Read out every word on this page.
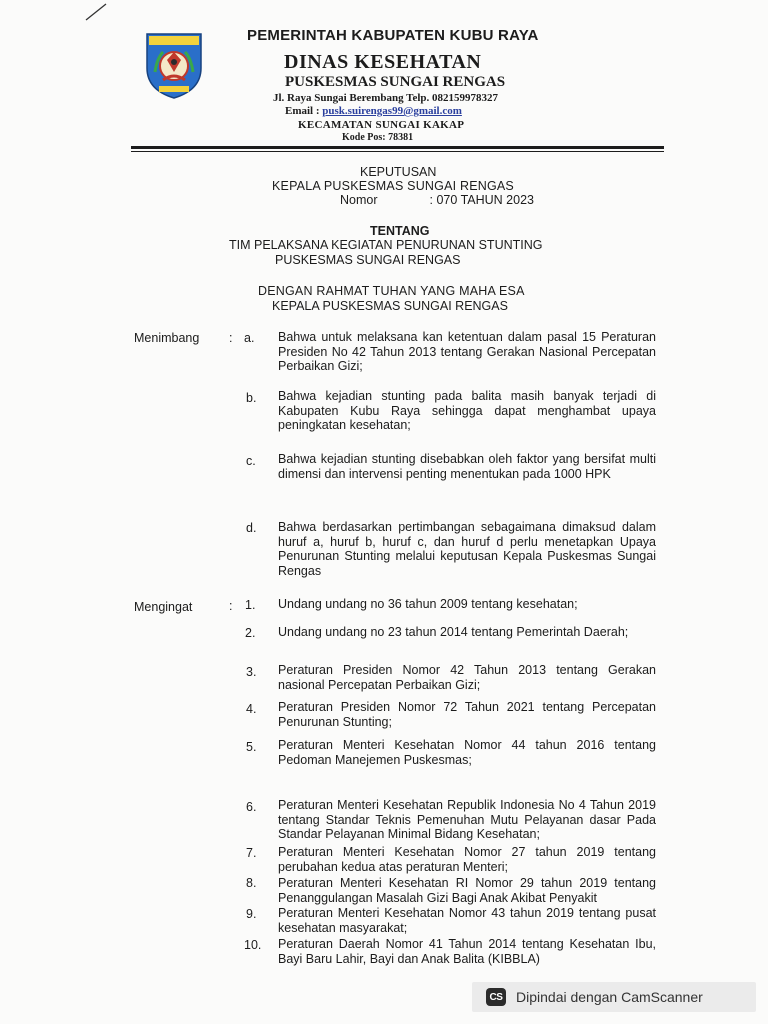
PEMERINTAH KABUPATEN KUBU RAYA
DINAS KESEHATAN
PUSKESMAS SUNGAI RENGAS
Jl. Raya Sungai Berembang Telp. 082159978327
Email : pusk.suirengas99@gmail.com
KECAMATAN SUNGAI KAKAP
Kode Pos: 78381
KEPUTUSAN
KEPALA PUSKESMAS SUNGAI RENGAS
Nomor	: 070 TAHUN 2023
TENTANG
TIM PELAKSANA KEGIATAN PENURUNAN STUNTING
PUSKESMAS SUNGAI RENGAS
DENGAN RAHMAT TUHAN YANG MAHA ESA
KEPALA PUSKESMAS SUNGAI RENGAS
Menimbang : a. Bahwa untuk melaksana kan ketentuan dalam pasal 15 Peraturan Presiden No 42 Tahun 2013 tentang Gerakan Nasional Percepatan Perbaikan Gizi;
b. Bahwa kejadian stunting pada balita masih banyak terjadi di Kabupaten Kubu Raya sehingga dapat menghambat upaya peningkatan kesehatan;
c. Bahwa kejadian stunting disebabkan oleh faktor yang bersifat multi dimensi dan intervensi penting menentukan pada 1000 HPK
d. Bahwa berdasarkan pertimbangan sebagaimana dimaksud dalam huruf a, huruf b, huruf c, dan huruf d perlu menetapkan Upaya Penurunan Stunting melalui keputusan Kepala Puskesmas Sungai Rengas
Mengingat	: 1. Undang undang no 36 tahun 2009 tentang kesehatan;
2. Undang undang no 23 tahun 2014 tentang Pemerintah Daerah;
3. Peraturan Presiden Nomor 42 Tahun 2013 tentang Gerakan nasional Percepatan Perbaikan Gizi;
4. Peraturan Presiden Nomor 72 Tahun 2021 tentang Percepatan Penurunan Stunting;
5. Peraturan Menteri Kesehatan Nomor 44 tahun 2016 tentang Pedoman Manejemen Puskesmas;
6. Peraturan Menteri Kesehatan Republik Indonesia No 4 Tahun 2019 tentang Standar Teknis Pemenuhan Mutu Pelayanan dasar Pada Standar Pelayanan Minimal Bidang Kesehatan;
7. Peraturan Menteri Kesehatan Nomor 27 tahun 2019 tentang perubahan kedua atas peraturan Menteri;
8. Peraturan Menteri Kesehatan RI Nomor 29 tahun 2019 tentang Penanggulangan Masalah Gizi Bagi Anak Akibat Penyakit
9. Peraturan Menteri Kesehatan Nomor 43 tahun 2019 tentang pusat kesehatan masyarakat;
10. Peraturan Daerah Nomor 41 Tahun 2014 tentang Kesehatan Ibu, Bayi Baru Lahir, Bayi dan Anak Balita (KIBBLA)
CS Dipindai dengan CamScanner
